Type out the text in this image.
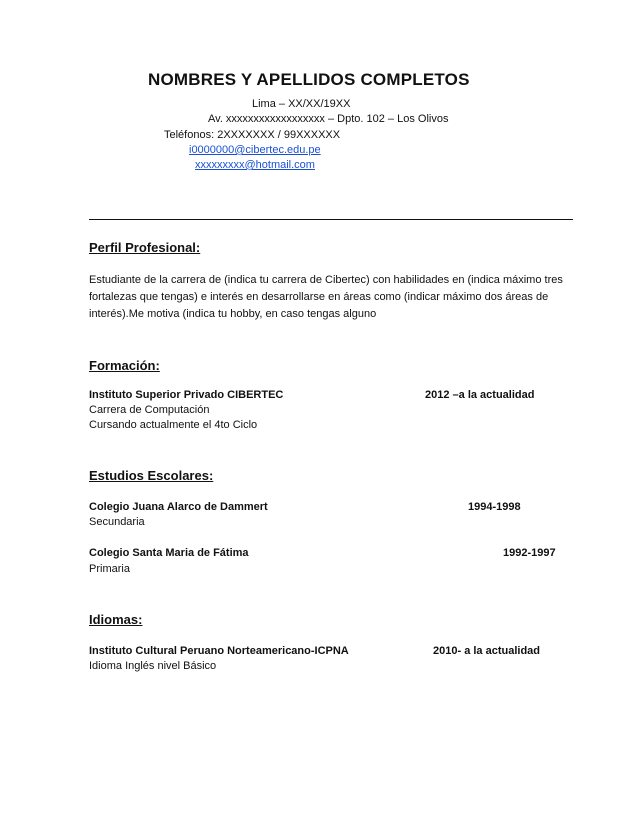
NOMBRES Y APELLIDOS COMPLETOS
Lima – XX/XX/19XX
Av. xxxxxxxxxxxxxxxxxx – Dpto. 102 – Los Olivos
Teléfonos: 2XXXXXXX / 99XXXXXX
i0000000@cibertec.edu.pe
xxxxxxxxx@hotmail.com
Perfil Profesional:
Estudiante de la carrera de (indica tu carrera de Cibertec) con habilidades en (indica máximo tres fortalezas que tengas) e interés en desarrollarse en áreas como (indicar máximo dos áreas de interés).Me motiva (indica tu hobby, en caso tengas alguno
Formación:
Instituto Superior Privado CIBERTEC	2012 –a la actualidad
Carrera de Computación
Cursando actualmente el 4to Ciclo
Estudios Escolares:
Colegio Juana Alarco de Dammert	1994-1998
Secundaria
Colegio Santa Maria de Fátima	1992-1997
Primaria
Idiomas:
Instituto Cultural Peruano Norteamericano-ICPNA	2010- a la actualidad
Idioma Inglés nivel Básico
